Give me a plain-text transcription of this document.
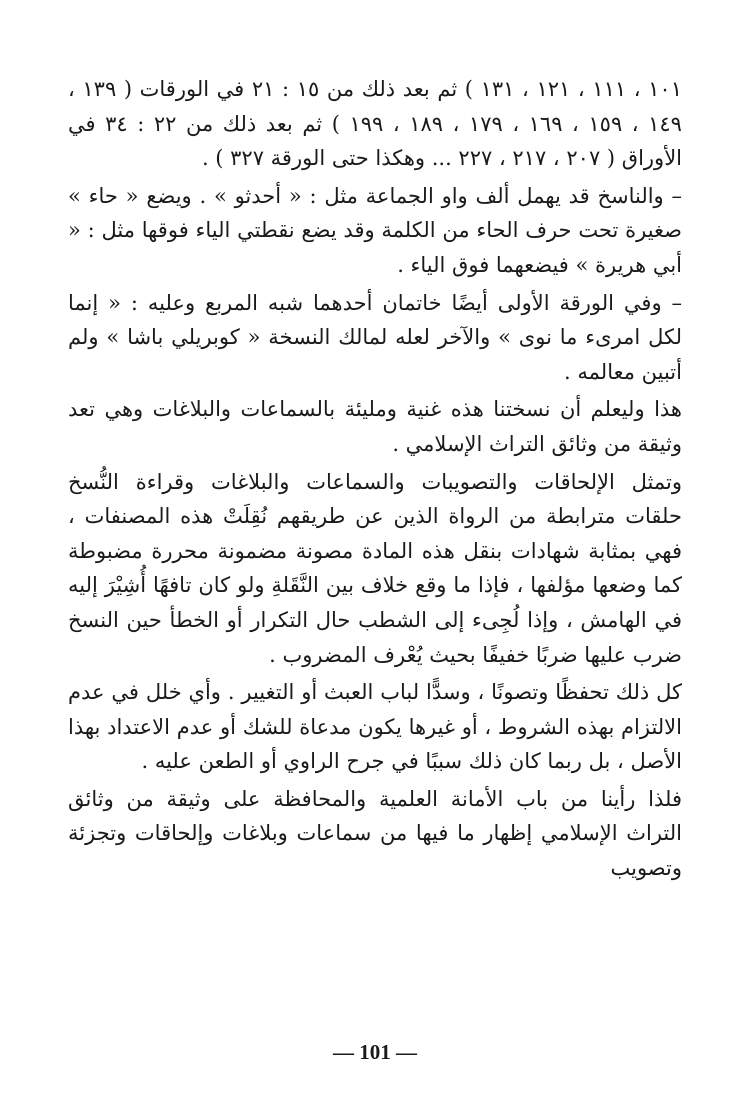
١٠١ ، ١١١ ، ١٢١ ، ١٣١ ) ثم بعد ذلك من ١٥ : ٢١ في الورقات ( ١٣٩ ، ١٤٩ ، ١٥٩ ، ١٦٩ ، ١٧٩ ، ١٨٩ ، ١٩٩ ) ثم بعد ذلك من ٢٢ : ٣٤ في الأوراق ( ٢٠٧ ، ٢١٧ ، ٢٢٧ ... وهكذا حتى الورقة ٣٢٧ ) .

– والناسخ قد يهمل ألف واو الجماعة مثل : « أحدثو » . ويضع « حاء » صغيرة تحت حرف الحاء من الكلمة وقد يضع نقطتي الياء فوقها مثل : « أبي هريرة » فيضعهما فوق الياء .

– وفي الورقة الأولى أيضًا خاتمان أحدهما شبه المربع وعليه : « إنما لكل امرىء ما نوى » والآخر لعله لمالك النسخة « كوبريلي باشا » ولم أتبين معالمه .

هذا وليعلم أن نسختنا هذه غنية ومليئة بالسماعات والبلاغات وهي تعد وثيقة من وثائق التراث الإسلامي .

وتمثل الإلحاقات والتصويبات والسماعات والبلاغات وقراءة النُّسخ حلقات مترابطة من الرواة الذين عن طريقهم نُقِلَتْ هذه المصنفات ، فهي بمثابة شهادات بنقل هذه المادة مصونة مضمونة محررة مضبوطة كما وضعها مؤلفها ، فإذا ما وقع خلاف بين النَّقَلةِ ولو كان تافهًا أُشِيْرَ إليه في الهامش ، وإذا لُجِىء إلى الشطب حال التكرار أو الخطأ حين النسخ ضرب عليها ضربًا خفيفًا بحيث يُعْرف المضروب .

كل ذلك تحفظًا وتصونًا ، وسدًّا لباب العبث أو التغيير . وأي خلل في عدم الالتزام بهذه الشروط ، أو غيرها يكون مدعاة للشك أو عدم الاعتداد بهذا الأصل ، بل ربما كان ذلك سببًا في جرح الراوي أو الطعن عليه .

فلذا رأينا من باب الأمانة العلمية والمحافظة على وثيقة من وثائق التراث الإسلامي إظهار ما فيها من سماعات وبلاغات وإلحاقات وتجزئة وتصويب

— 101 —
